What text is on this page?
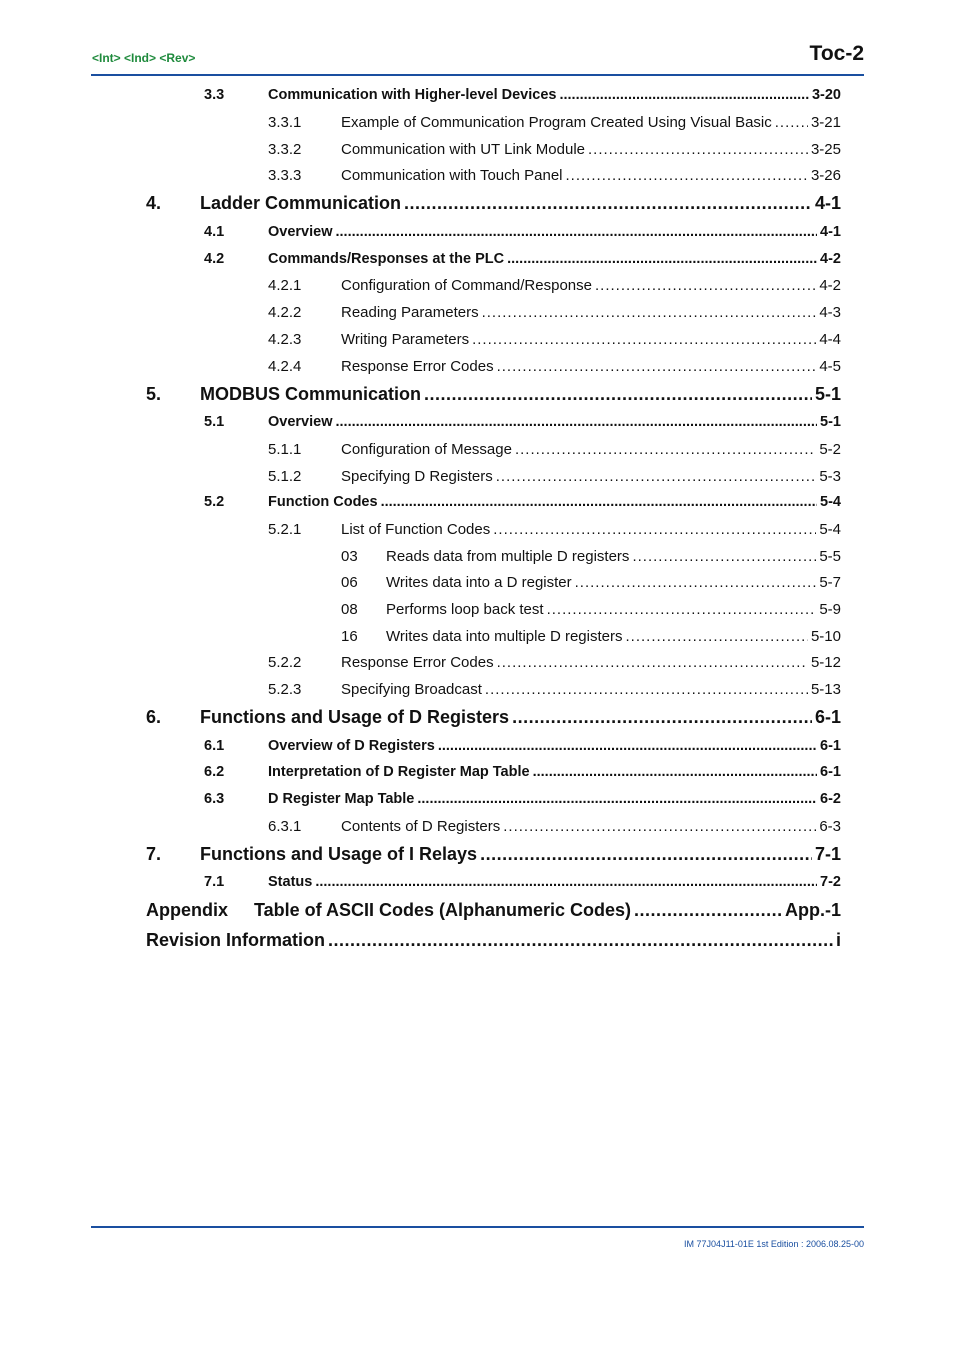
<Int> <Ind> <Rev>	Toc-2
3.3	Communication with Higher-level Devices .....	3-20
3.3.1	Example of Communication Program Created Using Visual Basic .....	3-21
3.3.2	Communication with UT Link Module .....	3-25
3.3.3	Communication with Touch Panel .....	3-26
4.	Ladder Communication .....	4-1
4.1	Overview .....	4-1
4.2	Commands/Responses at the PLC .....	4-2
4.2.1	Configuration of Command/Response .....	4-2
4.2.2	Reading Parameters .....	4-3
4.2.3	Writing Parameters .....	4-4
4.2.4	Response Error Codes .....	4-5
5.	MODBUS Communication .....	5-1
5.1	Overview .....	5-1
5.1.1	Configuration of Message .....	5-2
5.1.2	Specifying D Registers .....	5-3
5.2	Function Codes .....	5-4
5.2.1	List of Function Codes .....	5-4
03	Reads data from multiple D registers .....	5-5
06	Writes data into a D register .....	5-7
08	Performs loop back test .....	5-9
16	Writes data into multiple D registers .....	5-10
5.2.2	Response Error Codes .....	5-12
5.2.3	Specifying Broadcast .....	5-13
6.	Functions and Usage of D Registers .....	6-1
6.1	Overview of D Registers .....	6-1
6.2	Interpretation of D Register Map Table .....	6-1
6.3	D Register Map Table .....	6-2
6.3.1	Contents of D Registers .....	6-3
7.	Functions and Usage of I Relays .....	7-1
7.1	Status .....	7-2
Appendix	Table of ASCII Codes (Alphanumeric Codes) .....	App.-1
Revision Information .....	i
IM 77J04J11-01E 1st Edition : 2006.08.25-00
